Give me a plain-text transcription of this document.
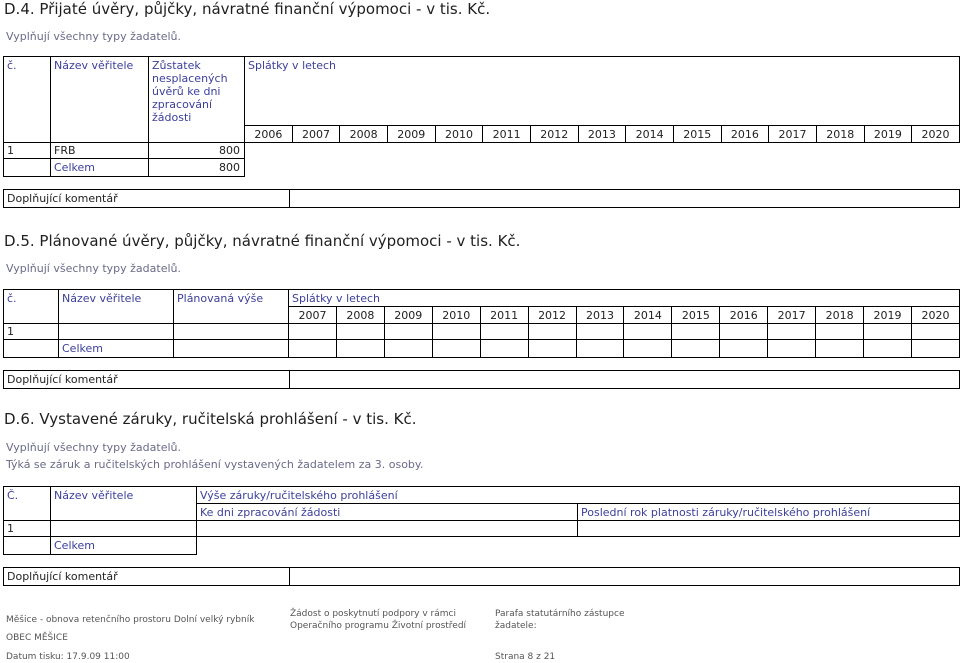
D.4. Přijaté úvěry, půjčky, návratné finanční výpomoci - v tis. Kč.
Vyplňují všechny typy žadatelů.
č.	Název věřitele	Zůstatek nesplacených úvěrů ke dni zpracování žádosti	Splátky v letech														
			2006	2007	2008	2009	2010	2011	2012	2013	2014	2015	2016	2017	2018	2019	2020
1	FRB	800															
	Celkem	800															
Doplňující komentář	
D.5. Plánované úvěry, půjčky, návratné finanční výpomoci - v tis. Kč.
Vyplňují všechny typy žadatelů.
č.	Název věřitele	Plánovaná výše	Splátky v letech													
			2007	2008	2009	2010	2011	2012	2013	2014	2015	2016	2017	2018	2019	2020
1																
	Celkem															
Doplňující komentář	
D.6. Vystavené záruky, ručitelská prohlášení - v tis. Kč.
Vyplňují všechny typy žadatelů.
Týká se záruk a ručitelských prohlášení vystavených žadatelem za 3. osoby.
Č.	Název věřitele	Výše záruky/ručitelského prohlášení	
		Ke dni zpracování žádosti	Poslední rok platnosti záruky/ručitelského prohlášení
1			
	Celkem		
Doplňující komentář	
Měšice - obnova retenčního prostoru Dolní velký rybník
OBEC MĚŠICE
Žádost o poskytnutí podpory v rámci
Operačního programu Životní prostředí
Parafa statutárního zástupce
žadatele:
Datum tisku: 17.9.09 11:00	Strana 8 z 21
